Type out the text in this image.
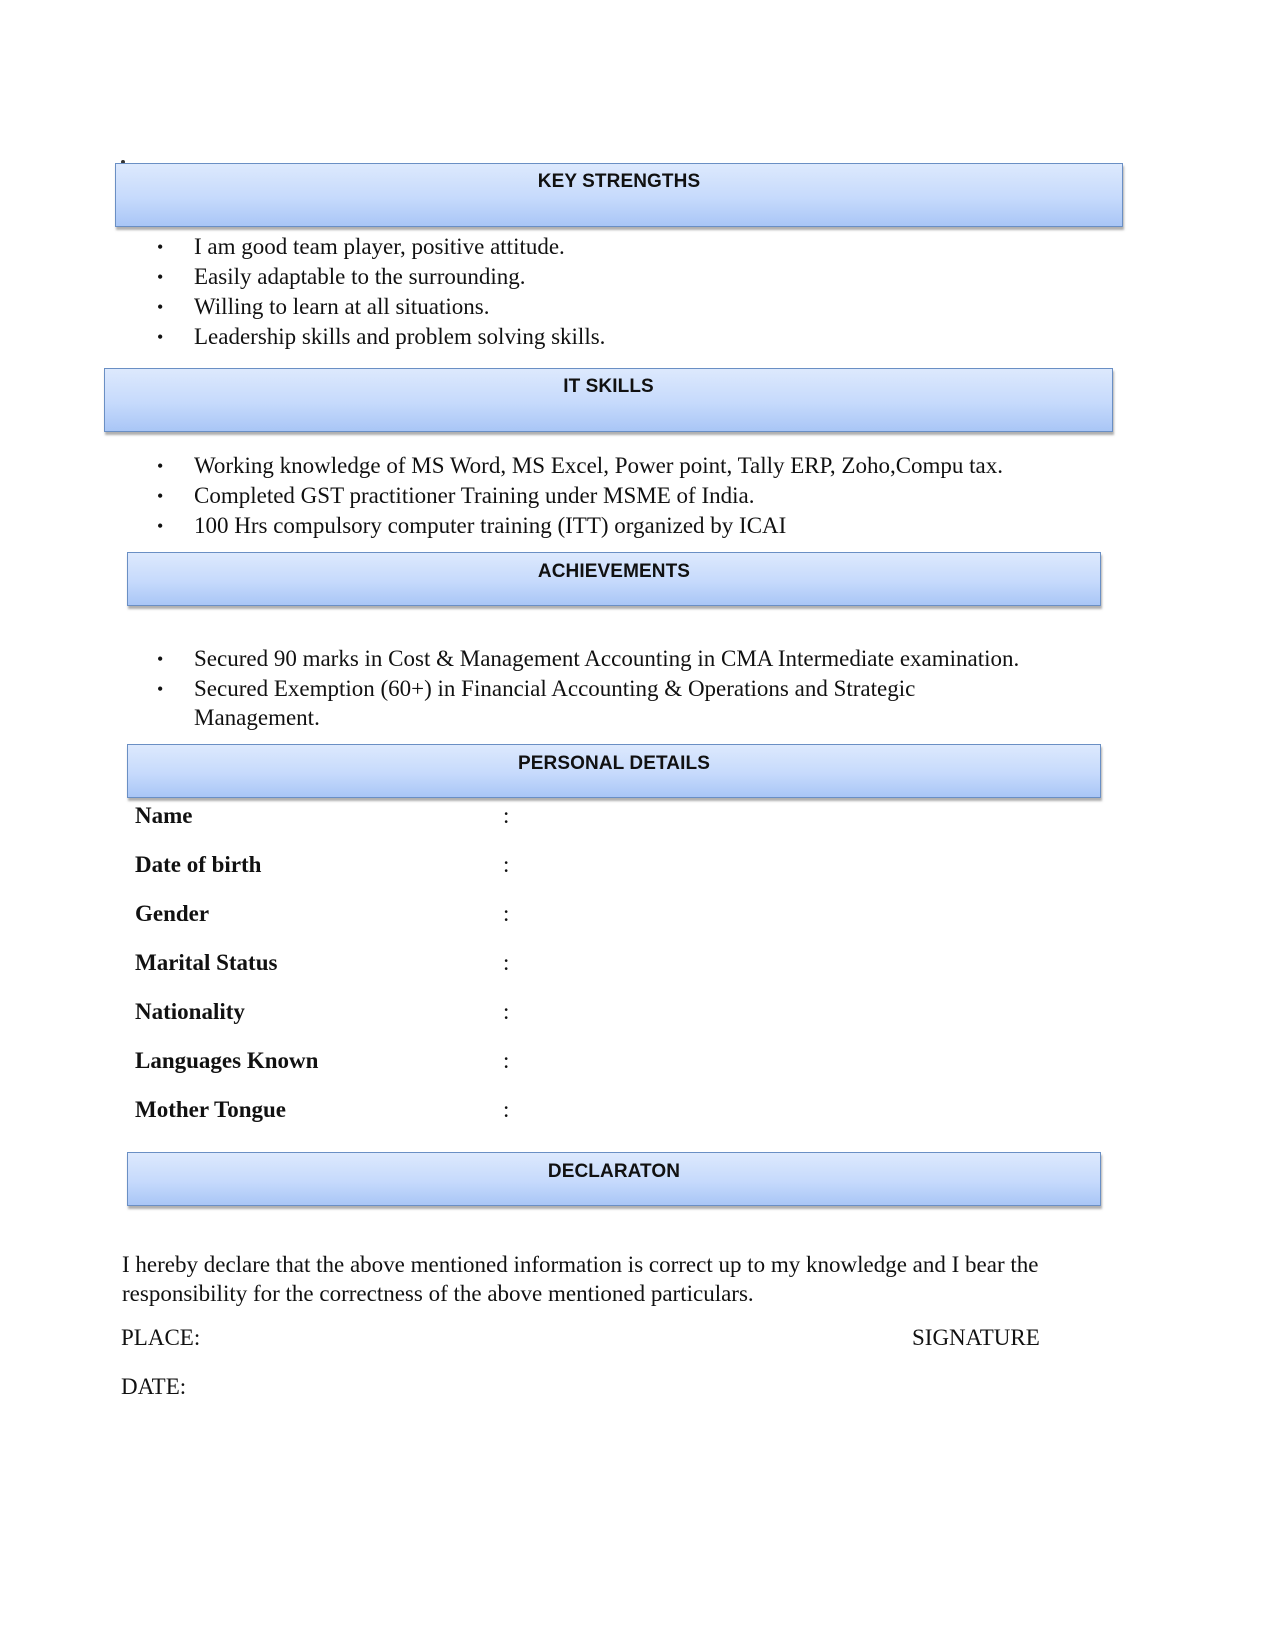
KEY STRENGTHS
•	I am good team player, positive attitude.
•	Easily adaptable to the surrounding.
•	Willing to learn at all situations.
•	Leadership skills and problem solving skills.
IT SKILLS
•	Working knowledge of MS Word, MS Excel, Power point, Tally ERP, Zoho,Compu tax.
•	Completed GST practitioner Training under MSME of India.
•	100 Hrs compulsory computer training (ITT) organized by ICAI
ACHIEVEMENTS
•	Secured 90 marks in Cost & Management Accounting in CMA Intermediate examination.
•	Secured Exemption (60+) in Financial Accounting & Operations and Strategic Management.
PERSONAL DETAILS
Name	:
Date of birth	:
Gender	:
Marital Status	:
Nationality	:
Languages Known	:
Mother Tongue	:
DECLARATON
I hereby declare that the above mentioned information is correct up to my knowledge and I bear the responsibility for the correctness of the above mentioned particulars.
PLACE:	SIGNATURE
DATE:
